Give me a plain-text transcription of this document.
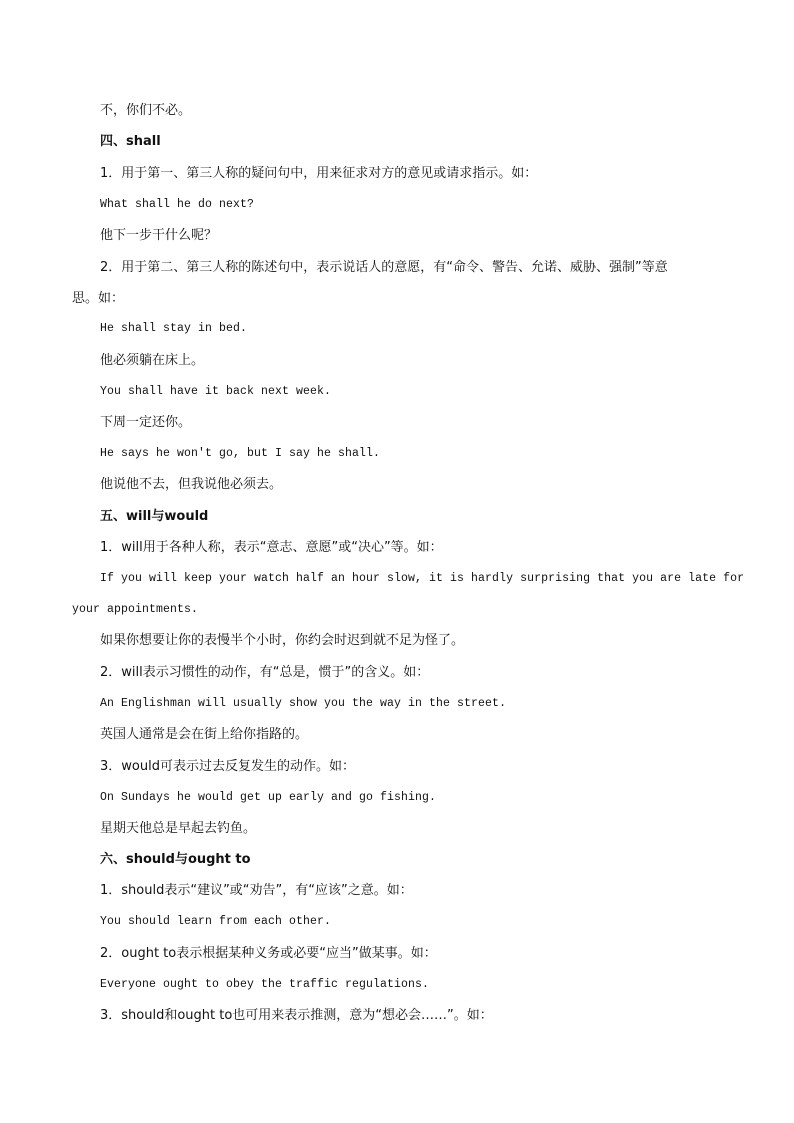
不，你们不必。
四、shall
1．用于第一、第三人称的疑问句中，用来征求对方的意见或请求指示。如：
What shall he do next?
他下一步干什么呢？
2．用于第二、第三人称的陈述句中，表示说话人的意愿，有“命令、警告、允诺、威胁、强制”等意
思。如：
He shall stay in bed.
他必须躺在床上。
You shall have it back next week.
下周一定还你。
He says he won't go, but I say he shall.
他说他不去，但我说他必须去。
五、will与would
1．will用于各种人称，表示“意志、意愿”或“决心”等。如：
If you will keep your watch half an hour slow, it is hardly surprising that you are late for
your appointments.
如果你想要让你的表慢半个小时，你约会时迟到就不足为怪了。
2．will表示习惯性的动作，有“总是，惯于”的含义。如：
An Englishman will usually show you the way in the street.
英国人通常是会在街上给你指路的。
3．would可表示过去反复发生的动作。如：
On Sundays he would get up early and go fishing.
星期天他总是早起去钓鱼。
六、should与ought to
1．should表示“建议”或“劝告”，有“应该”之意。如：
You should learn from each other.
2．ought to表示根据某种义务或必要“应当”做某事。如：
Everyone ought to obey the traffic regulations.
3．should和ought to也可用来表示推测，意为“想必会……”。如：
